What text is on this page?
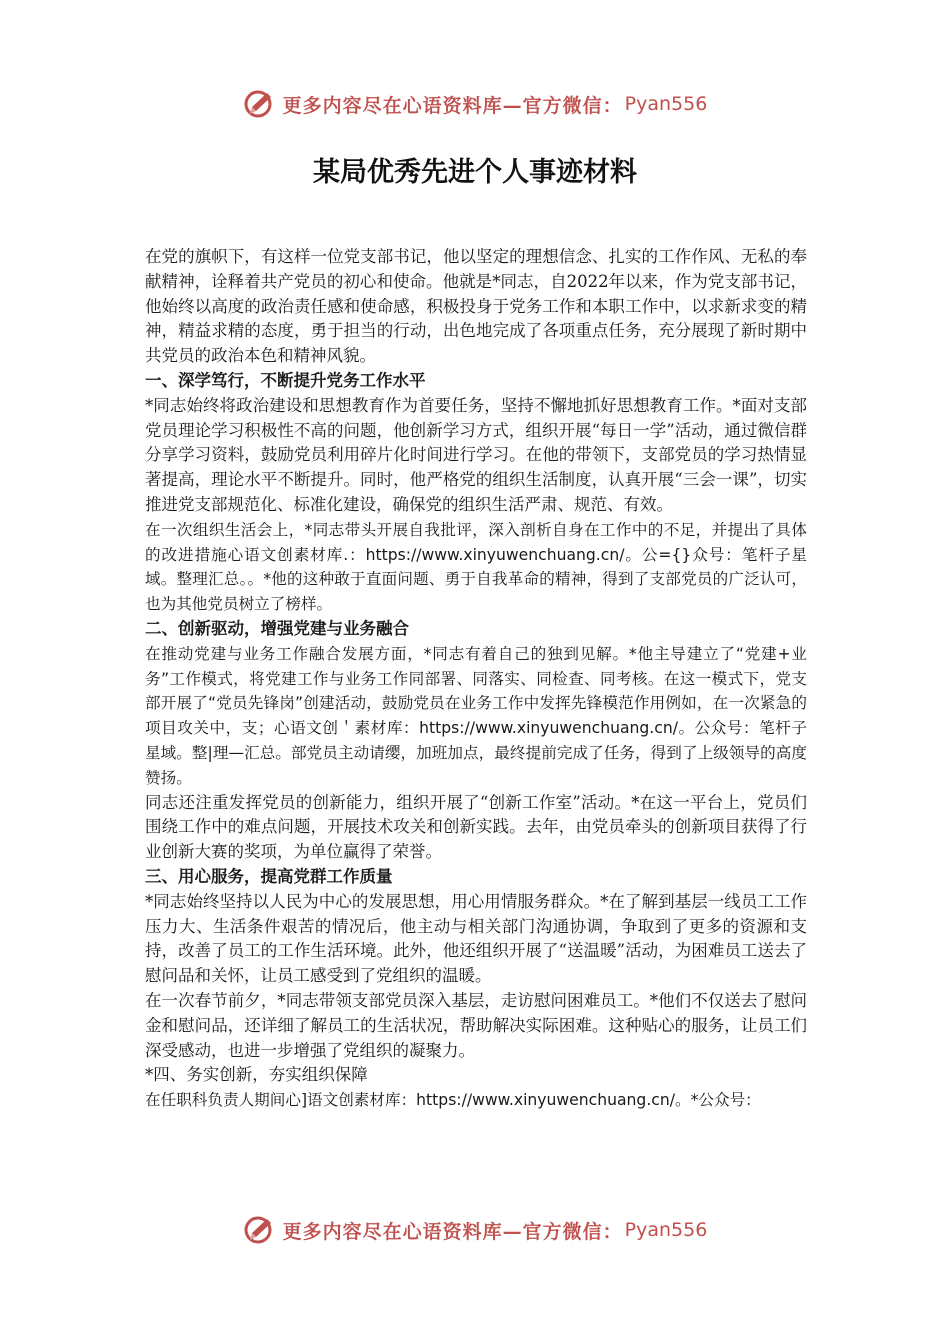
更多内容尽在心语资料库—官方微信： Pyan556
某局优秀先进个人事迹材料

在党的旗帜下，有这样一位党支部书记，他以坚定的理想信念、扎实的工作作风、无私的奉献精神，诠释着共产党员的初心和使命。他就是*同志，自2022年以来，作为党支部书记，他始终以高度的政治责任感和使命感，积极投身于党务工作和本职工作中，以求新求变的精神，精益求精的态度，勇于担当的行动，出色地完成了各项重点任务，充分展现了新时期中共党员的政治本色和精神风貌。

一、深学笃行，不断提升党务工作水平

*同志始终将政治建设和思想教育作为首要任务，坚持不懈地抓好思想教育工作。*面对支部党员理论学习积极性不高的问题，他创新学习方式，组织开展“每日一学”活动，通过微信群分享学习资料，鼓励党员利用碎片化时间进行学习。在他的带领下，支部党员的学习热情显著提高，理论水平不断提升。同时，他严格党的组织生活制度，认真开展“三会一课”，切实推进党支部规范化、标准化建设，确保党的组织生活严肃、规范、有效。

在一次组织生活会上，*同志带头开展自我批评，深入剖析自身在工作中的不足，并提出了具体的改进措施心语文创素材库.：https://www.xinyuwenchuang.cn/。公={}众号：笔杆子星域。整理汇总。。*他的这种敢于直面问题、勇于自我革命的精神，得到了支部党员的广泛认可，也为其他党员树立了榜样。

二、创新驱动，增强党建与业务融合

在推动党建与业务工作融合发展方面，*同志有着自己的独到见解。*他主导建立了“党建+业务”工作模式，将党建工作与业务工作同部署、同落实、同检查、同考核。在这一模式下，党支部开展了“党员先锋岗”创建活动，鼓励党员在业务工作中发挥先锋模范作用例如，在一次紧急的项目攻关中，支；心语文创＇素材库：https://www.xinyuwenchuang.cn/。公众号：笔杆子星域。整|理—汇总。部党员主动请缨，加班加点，最终提前完成了任务，得到了上级领导的高度赞扬。

同志还注重发挥党员的创新能力，组织开展了“创新工作室”活动。*在这一平台上，党员们围绕工作中的难点问题，开展技术攻关和创新实践。去年，由党员牵头的创新项目获得了行业创新大赛的奖项，为单位赢得了荣誉。

三、用心服务，提高党群工作质量

*同志始终坚持以人民为中心的发展思想，用心用情服务群众。*在了解到基层一线员工工作压力大、生活条件艰苦的情况后，他主动与相关部门沟通协调，争取到了更多的资源和支持，改善了员工的工作生活环境。此外，他还组织开展了“送温暖”活动，为困难员工送去了慰问品和关怀，让员工感受到了党组织的温暖。

在一次春节前夕，*同志带领支部党员深入基层，走访慰问困难员工。*他们不仅送去了慰问金和慰问品，还详细了解员工的生活状况，帮助解决实际困难。这种贴心的服务，让员工们深受感动，也进一步增强了党组织的凝聚力。

*四、务实创新，夯实组织保障

在任职科负责人期间心]语文创素材库：https://www.xinyuwenchuang.cn/。*公众号：

更多内容尽在心语资料库—官方微信： Pyan556
